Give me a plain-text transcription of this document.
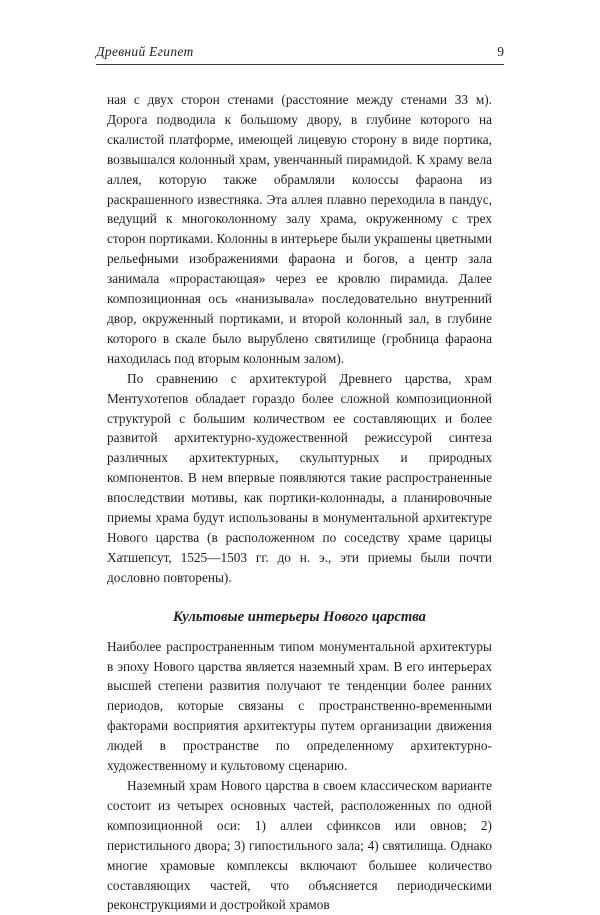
Древний Египет	9

ная с двух сторон стенами (расстояние между стенами 33 м). Дорога подводила к большому двору, в глубине которого на скалистой платформе, имеющей лицевую сторону в виде портика, возвышался колонный храм, увенчанный пирамидой. К храму вела аллея, которую также обрамляли колоссы фараона из раскрашенного известняка. Эта аллея плавно переходила в пандус, ведущий к многоколонному залу храма, окруженному с трех сторон портиками. Колонны в интерьере были украшены цветными рельефными изображениями фараона и богов, а центр зала занимала «прорастающая» через ее кровлю пирамида. Далее композиционная ось «нанизывала» последовательно внутренний двор, окруженный портиками, и второй колонный зал, в глубине которого в скале было вырублено святилище (гробница фараона находилась под вторым колонным залом).

По сравнению с архитектурой Древнего царства, храм Ментухотепов обладает гораздо более сложной композиционной структурой с большим количеством ее составляющих и более развитой архитектурно-художественной режиссурой синтеза различных архитектурных, скульптурных и природных компонентов. В нем впервые появляются такие распространенные впоследствии мотивы, как портики-колоннады, а планировочные приемы храма будут использованы в монументальной архитектуре Нового царства (в расположенном по соседству храме царицы Хатшепсут, 1525—1503 гг. до н. э., эти приемы были почти дословно повторены).

Культовые интерьеры Нового царства

Наиболее распространенным типом монументальной архитектуры в эпоху Нового царства является наземный храм. В его интерьерах высшей степени развития получают те тенденции более ранних периодов, которые связаны с пространственно-временными факторами восприятия архитектуры путем организации движения людей в пространстве по определенному архитектурно-художественному и культовому сценарию.

Наземный храм Нового царства в своем классическом варианте состоит из четырех основных частей, расположенных по одной композиционной оси: 1) аллеи сфинксов или овнов; 2) перистильного двора; 3) гипостильного зала; 4) святилища. Однако многие храмовые комплексы включают большее количество составляющих частей, что объясняется периодическими реконструкциями и достройкой храмов
